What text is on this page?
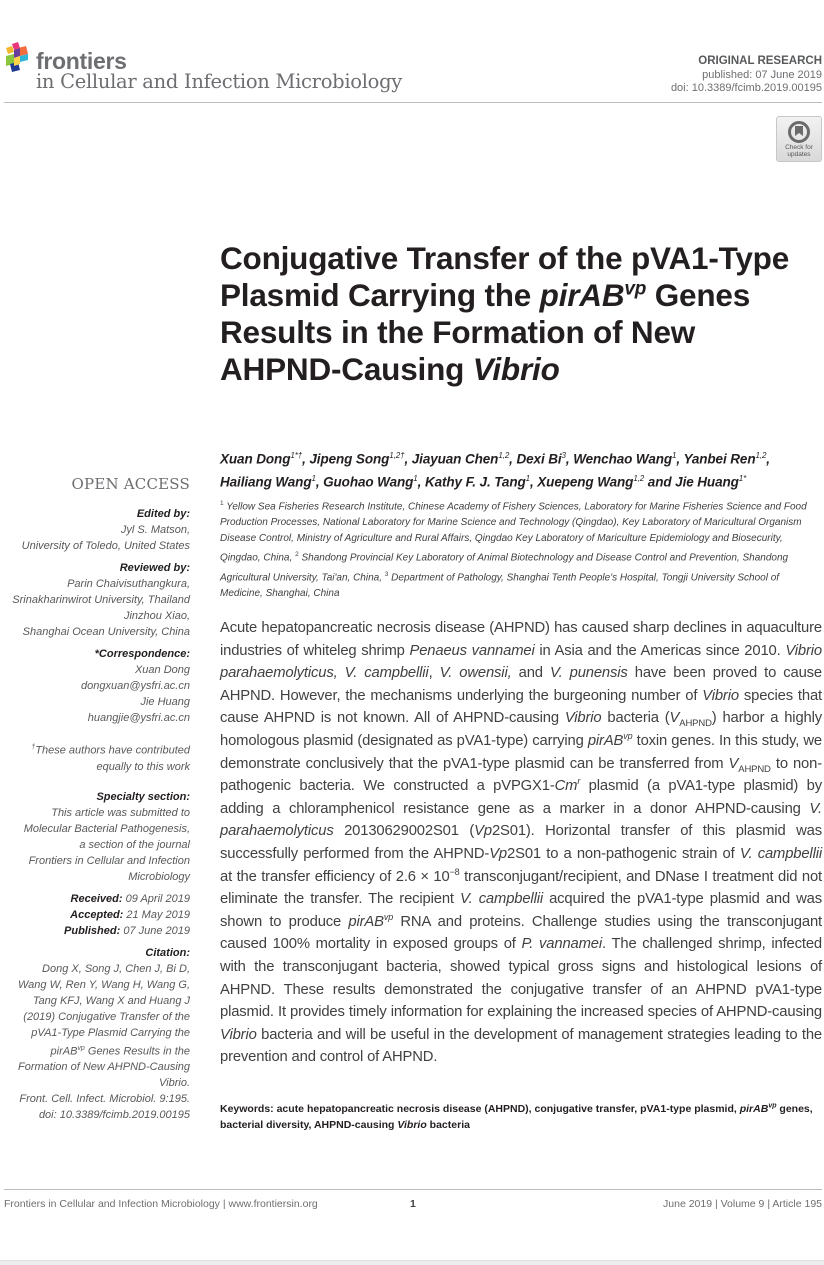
frontiers
in Cellular and Infection Microbiology
ORIGINAL RESEARCH
published: 07 June 2019
doi: 10.3389/fcimb.2019.00195
Check for
updates
Conjugative Transfer of the pVA1-Type Plasmid Carrying the pirAB$^{vp}$ Genes Results in the Formation of New AHPND-Causing Vibrio
Xuan Dong$^{1*\dagger}$, Jipeng Song$^{1,2\dagger}$, Jiayuan Chen$^{1,2}$, Dexi Bi$^3$, Wenchao Wang$^1$, Yanbei Ren$^{1,2}$, Hailiang Wang$^1$, Guohao Wang$^1$, Kathy F. J. Tang$^1$, Xuepeng Wang$^{1,2}$ and Jie Huang$^{1*}$
$^1$ Yellow Sea Fisheries Research Institute, Chinese Academy of Fishery Sciences, Laboratory for Marine Fisheries Science and Food Production Processes, National Laboratory for Marine Science and Technology (Qingdao), Key Laboratory of Maricultural Organism Disease Control, Ministry of Agriculture and Rural Affairs, Qingdao Key Laboratory of Mariculture Epidemiology and Biosecurity, Qingdao, China, $^2$ Shandong Provincial Key Laboratory of Animal Biotechnology and Disease Control and Prevention, Shandong Agricultural University, Tai'an, China, $^3$ Department of Pathology, Shanghai Tenth People's Hospital, Tongji University School of Medicine, Shanghai, China
OPEN ACCESS
Edited by:
Jyl S. Matson,
University of Toledo, United States
Reviewed by:
Parin Chaivisuthangkura,
Srinakharinwirot University, Thailand
Jinzhou Xiao,
Shanghai Ocean University, China
*Correspondence:
Xuan Dong
dongxuan@ysfri.ac.cn
Jie Huang
huangjie@ysfri.ac.cn
†These authors have contributed
equally to this work
Specialty section:
This article was submitted to
Molecular Bacterial Pathogenesis,
a section of the journal
Frontiers in Cellular and Infection
Microbiology
Received: 09 April 2019
Accepted: 21 May 2019
Published: 07 June 2019
Citation:
Dong X, Song J, Chen J, Bi D,
Wang W, Ren Y, Wang H, Wang G,
Tang KFJ, Wang X and Huang J
(2019) Conjugative Transfer of the
pVA1-Type Plasmid Carrying the
pirAB$^{vp}$ Genes Results in the
Formation of New AHPND-Causing
Vibrio.
Front. Cell. Infect. Microbiol. 9:195.
doi: 10.3389/fcimb.2019.00195
Acute hepatopancreatic necrosis disease (AHPND) has caused sharp declines in aquaculture industries of whiteleg shrimp Penaeus vannamei in Asia and the Americas since 2010. Vibrio parahaemolyticus, V. campbellii, V. owensii, and V. punensis have been proved to cause AHPND. However, the mechanisms underlying the burgeoning number of Vibrio species that cause AHPND is not known. All of AHPND-causing Vibrio bacteria $(V_{AHPND})$ harbor a highly homologous plasmid (designated as pVA1-type) carrying pirAB$^{vp}$ toxin genes. In this study, we demonstrate conclusively that the pVA1-type plasmid can be transferred from $V_{AHPND}$ to non-pathogenic bacteria. We constructed a pVPGX1-Cm$^r$ plasmid (a pVA1-type plasmid) by adding a chloramphenicol resistance gene as a marker in a donor AHPND-causing V. parahaemolyticus 20130629002S01 (Vp2S01). Horizontal transfer of this plasmid was successfully performed from the AHPND-Vp2S01 to a non-pathogenic strain of V. campbellii at the transfer efficiency of $2.6 \times 10^{-8}$ transconjugant/recipient, and DNase I treatment did not eliminate the transfer. The recipient V. campbellii acquired the pVA1-type plasmid and was shown to produce pirAB$^{vp}$ RNA and proteins. Challenge studies using the transconjugant caused 100% mortality in exposed groups of P. vannamei. The challenged shrimp, infected with the transconjugant bacteria, showed typical gross signs and histological lesions of AHPND. These results demonstrated the conjugative transfer of an AHPND pVA1-type plasmid. It provides timely information for explaining the increased species of AHPND-causing Vibrio bacteria and will be useful in the development of management strategies leading to the prevention and control of AHPND.
Keywords: acute hepatopancreatic necrosis disease (AHPND), conjugative transfer, pVA1-type plasmid, pirAB$^{vp}$ genes, bacterial diversity, AHPND-causing Vibrio bacteria
Frontiers in Cellular and Infection Microbiology | www.frontiersin.org	1	June 2019 | Volume 9 | Article 195
